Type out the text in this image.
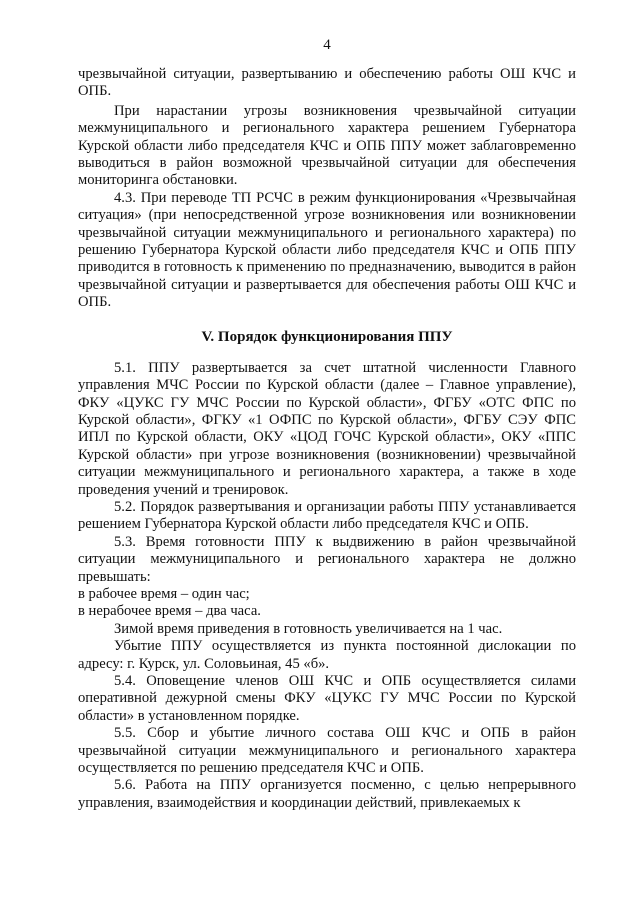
4

чрезвычайной ситуации, развертыванию и обеспечению работы ОШ КЧС и ОПБ.

При нарастании угрозы возникновения чрезвычайной ситуации межмуниципального и регионального характера решением Губернатора Курской области либо председателя КЧС и ОПБ ППУ может заблаговременно выводиться в район возможной чрезвычайной ситуации для обеспечения мониторинга обстановки.

4.3. При переводе ТП РСЧС в режим функционирования «Чрезвычайная ситуация» (при непосредственной угрозе возникновения или возникновении чрезвычайной ситуации межмуниципального и регионального характера) по решению Губернатора Курской области либо председателя КЧС и ОПБ ППУ приводится в готовность к применению по предназначению, выводится в район чрезвычайной ситуации и развертывается для обеспечения работы ОШ КЧС и ОПБ.

V. Порядок функционирования ППУ

5.1. ППУ развертывается за счет штатной численности Главного управления МЧС России по Курской области (далее – Главное управление), ФКУ «ЦУКС ГУ МЧС России по Курской области», ФГБУ «ОТС ФПС по Курской области», ФГКУ «1 ОФПС по Курской области», ФГБУ СЭУ ФПС ИПЛ по Курской области, ОКУ «ЦОД ГОЧС Курской области», ОКУ «ППС Курской области» при угрозе возникновения (возникновении) чрезвычайной ситуации межмуниципального и регионального характера, а также в ходе проведения учений и тренировок.

5.2. Порядок развертывания и организации работы ППУ устанавливается решением Губернатора Курской области либо председателя КЧС и ОПБ.

5.3. Время готовности ППУ к выдвижению в район чрезвычайной ситуации межмуниципального и регионального характера не должно превышать:

в рабочее время – один час;

в нерабочее время – два часа.

Зимой время приведения в готовность увеличивается на 1 час.

Убытие ППУ осуществляется из пункта постоянной дислокации по адресу: г. Курск, ул. Соловьиная, 45 «б».

5.4. Оповещение членов ОШ КЧС и ОПБ осуществляется силами оперативной дежурной смены ФКУ «ЦУКС ГУ МЧС России по Курской области» в установленном порядке.

5.5. Сбор и убытие личного состава ОШ КЧС и ОПБ в район чрезвычайной ситуации межмуниципального и регионального характера осуществляется по решению председателя КЧС и ОПБ.

5.6. Работа на ППУ организуется посменно, с целью непрерывного управления, взаимодействия и координации действий, привлекаемых к
